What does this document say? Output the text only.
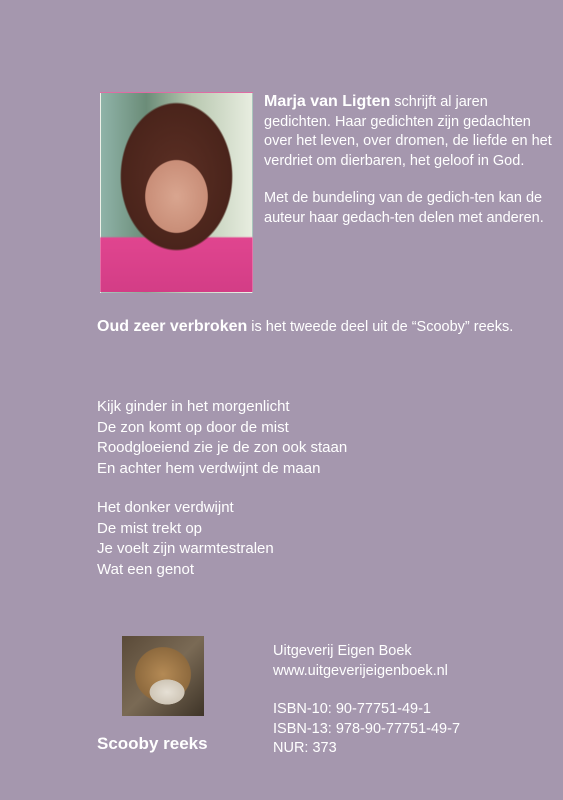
Marja van Ligten schrijft al jaren gedichten. Haar gedichten zijn gedachten over het leven, over dromen, de liefde en het verdriet om dierbaren, het geloof in God.

Met de bundeling van de gedich-ten kan de auteur haar gedach-ten delen met anderen.

Oud zeer verbroken is het tweede deel uit de “Scooby” reeks.
Kijk ginder in het morgenlicht
De zon komt op door de mist
Roodgloeiend zie je de zon ook staan
En achter hem verdwijnt de maan
Het donker verdwijnt
De mist trekt op
Je voelt zijn warmtestralen
Wat een genot
Uitgeverij Eigen Boek
www.uitgeverijeigenboek.nl
ISBN-10: 90-77751-49-1
ISBN-13: 978-90-77751-49-7
NUR: 373
Scooby reeks
